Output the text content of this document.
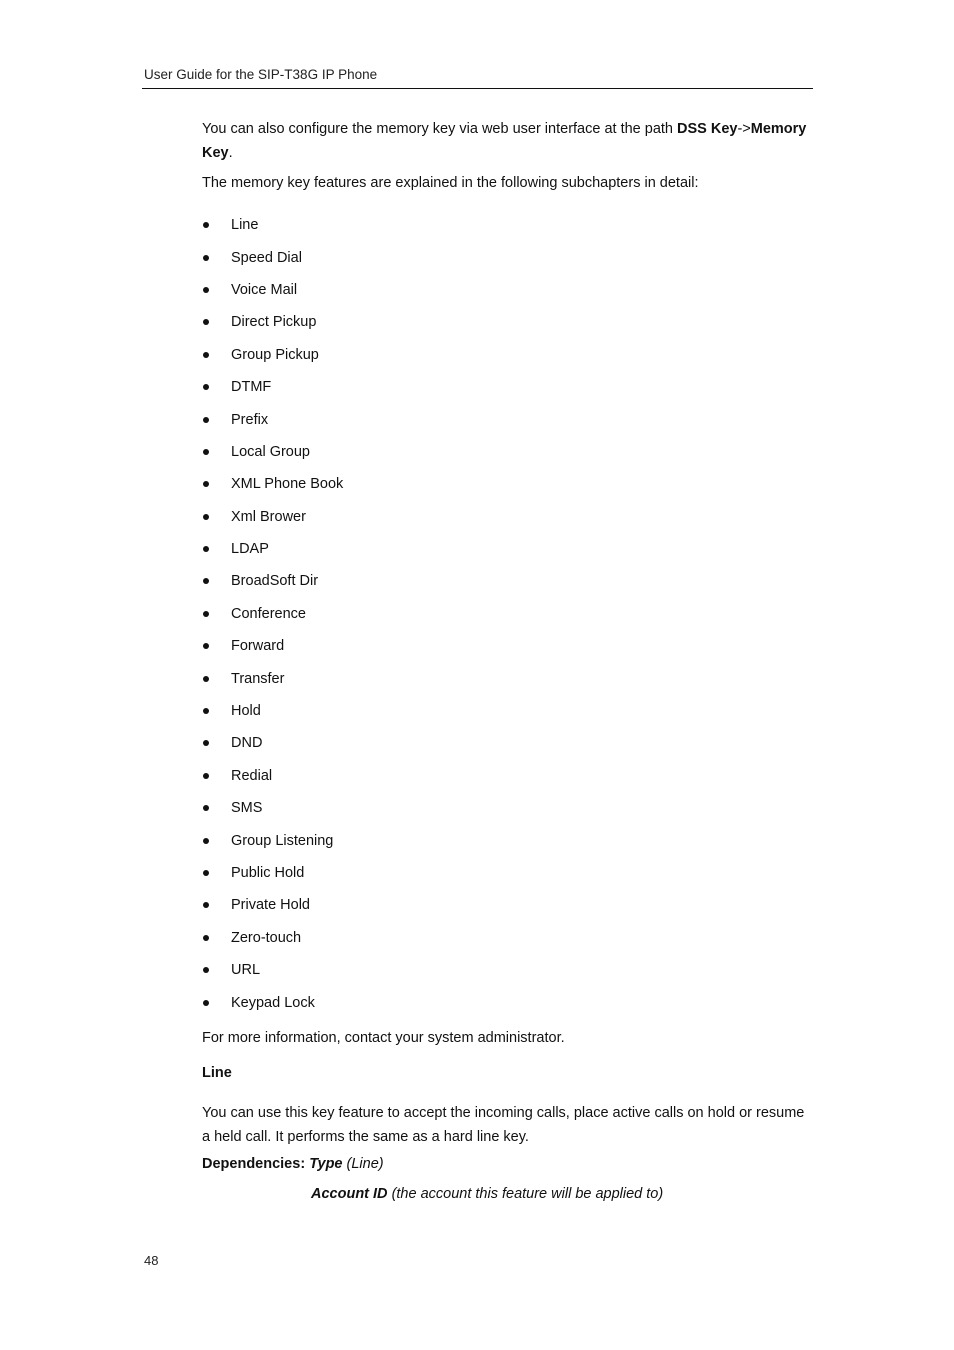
User Guide for the SIP-T38G IP Phone
You can also configure the memory key via web user interface at the path DSS Key->Memory Key.
The memory key features are explained in the following subchapters in detail:
Line
Speed Dial
Voice Mail
Direct Pickup
Group Pickup
DTMF
Prefix
Local Group
XML Phone Book
Xml Brower
LDAP
BroadSoft Dir
Conference
Forward
Transfer
Hold
DND
Redial
SMS
Group Listening
Public Hold
Private Hold
Zero-touch
URL
Keypad Lock
For more information, contact your system administrator.
Line
You can use this key feature to accept the incoming calls, place active calls on hold or resume a held call. It performs the same as a hard line key.
Dependencies: Type (Line)
Account ID (the account this feature will be applied to)
48
